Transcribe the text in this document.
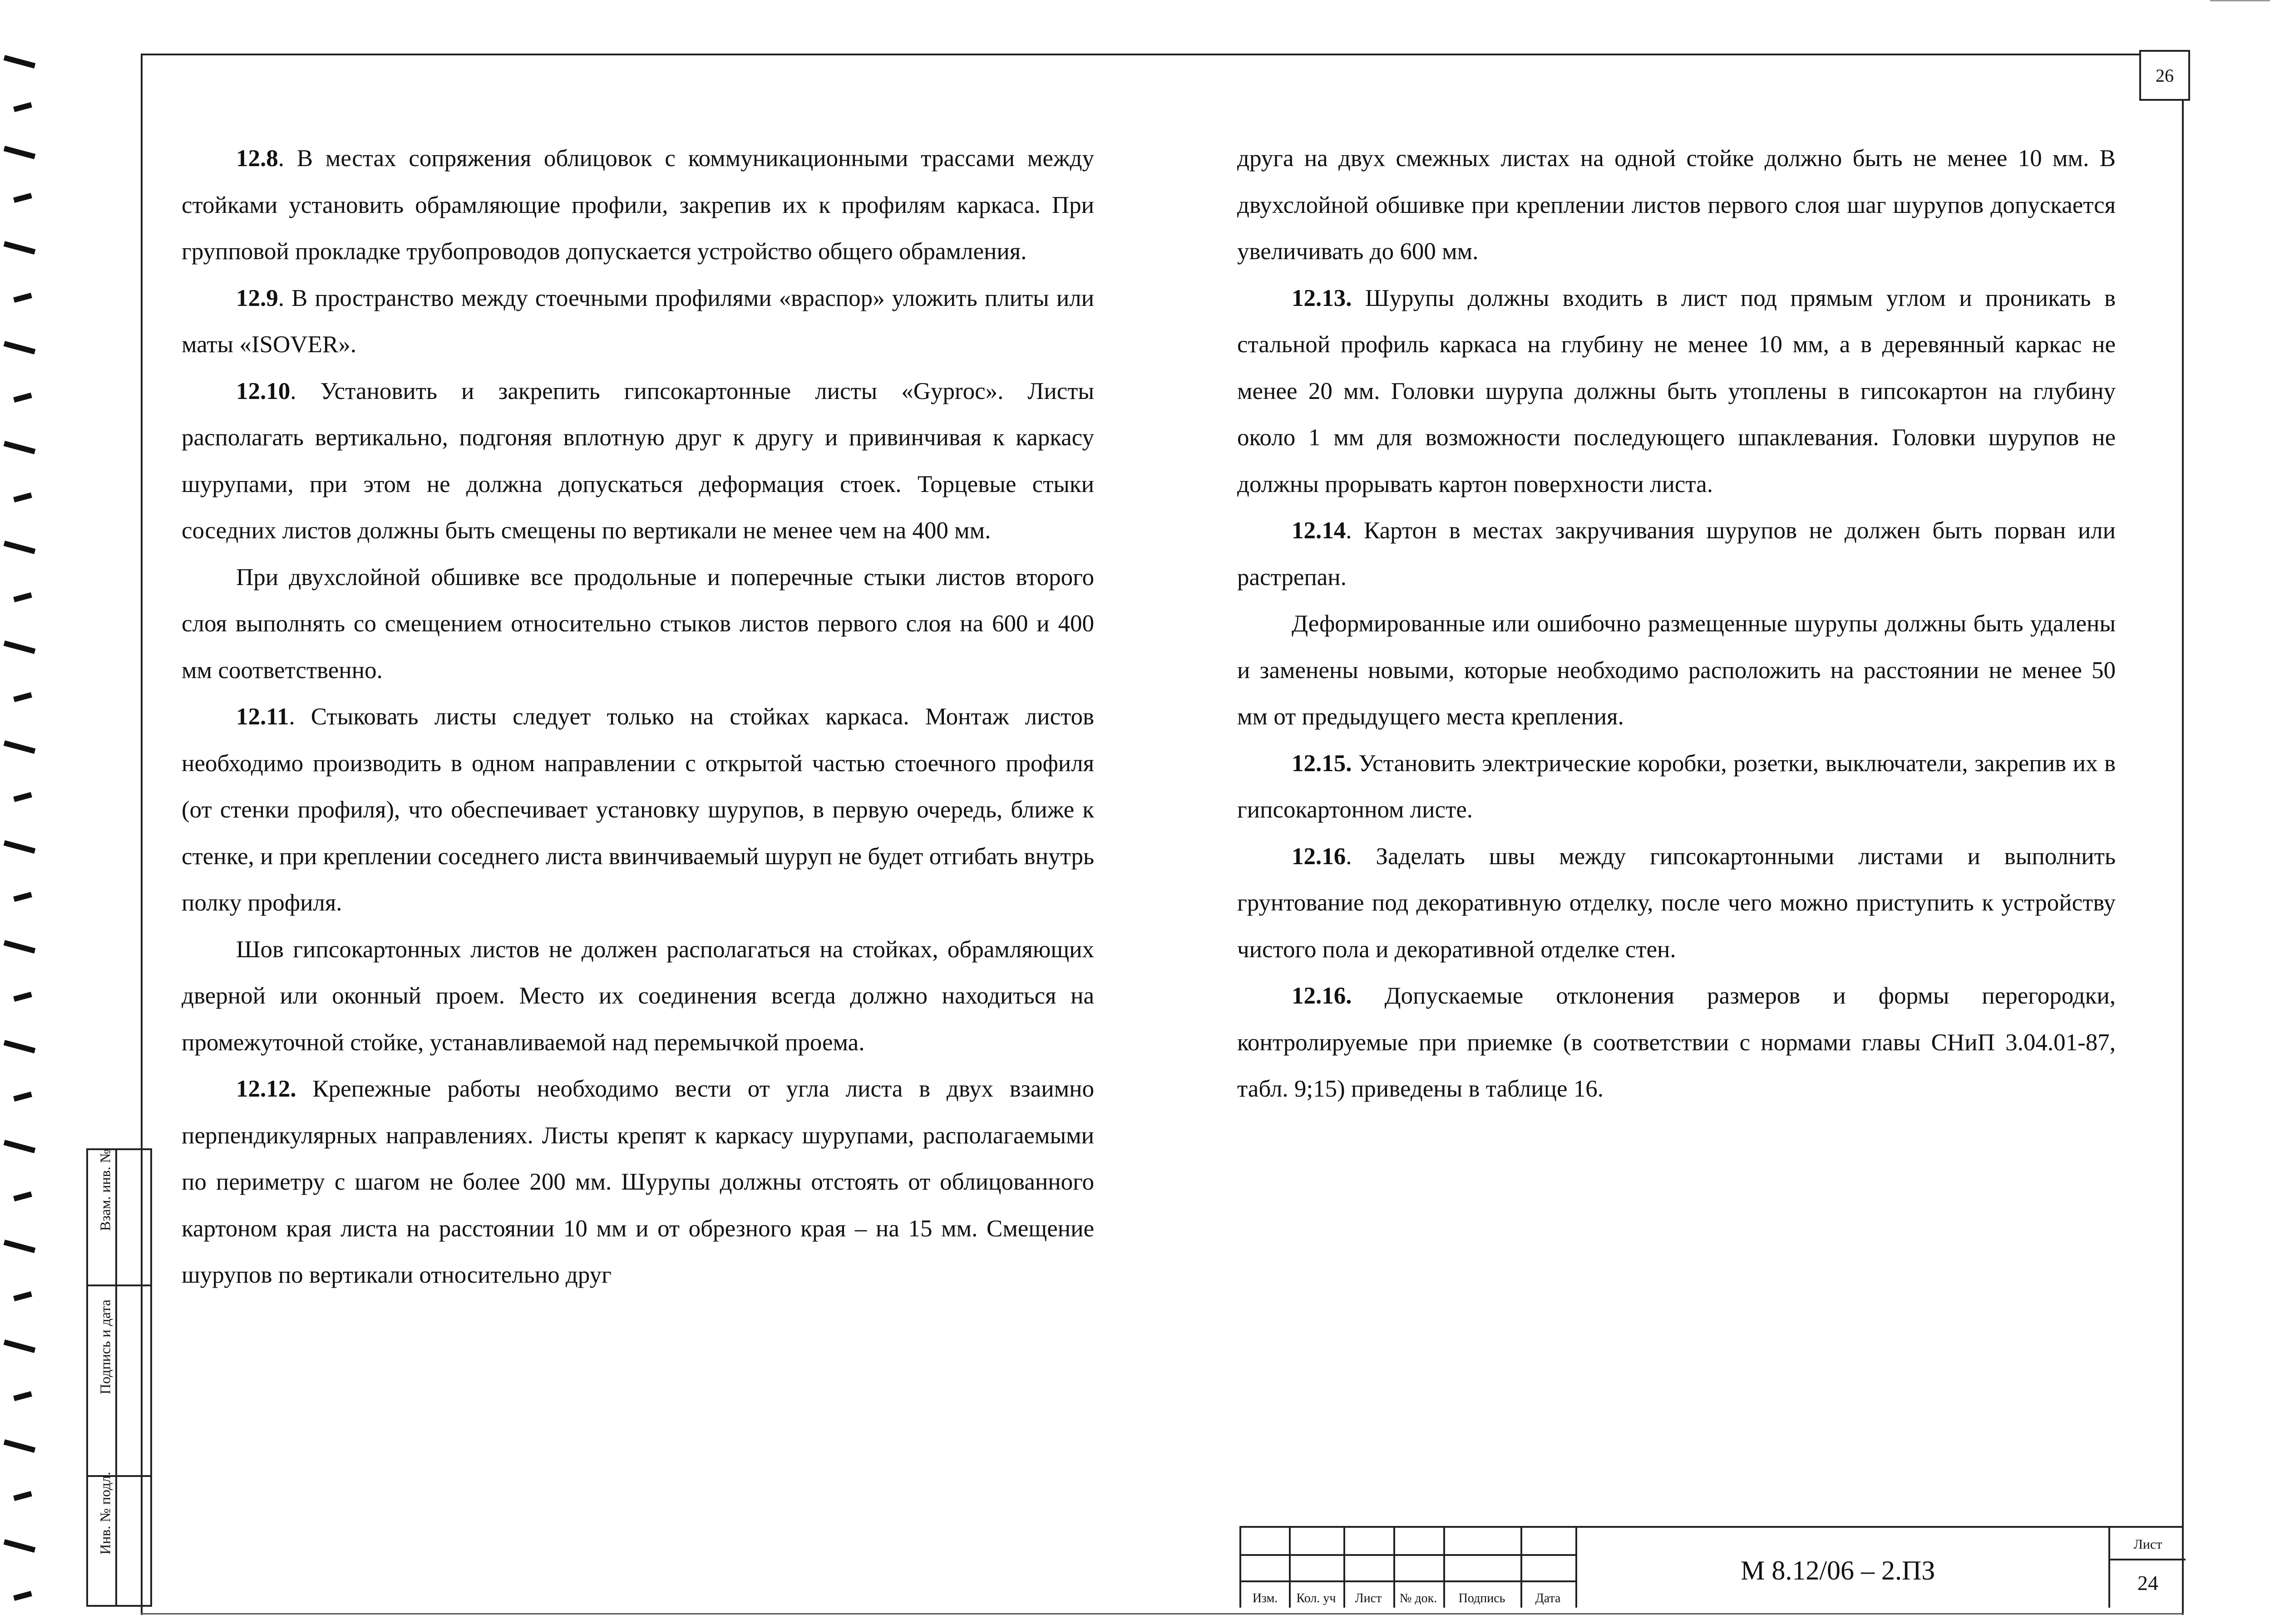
26

12.8. В местах сопряжения облицовок с коммуникационными трассами между стойками установить обрамляющие профили, закрепив их к профилям каркаса. При групповой прокладке трубопроводов допускается устройство общего обрамления.

12.9. В пространство между стоечными профилями «враспор» уложить плиты или маты «ISOVER».

12.10. Установить и закрепить гипсокартонные листы «Gyproc». Листы располагать вертикально, подгоняя вплотную друг к другу и привинчивая к каркасу шурупами, при этом не должна допускаться деформация стоек. Торцевые стыки соседних листов должны быть смещены по вертикали не менее чем на 400 мм.

При двухслойной обшивке все продольные и поперечные стыки листов второго слоя выполнять со смещением относительно стыков листов первого слоя на 600 и 400 мм соответственно.

12.11. Стыковать листы следует только на стойках каркаса. Монтаж листов необходимо производить в одном направлении с открытой частью стоечного профиля (от стенки профиля), что обеспечивает установку шурупов, в первую очередь, ближе к стенке, и при креплении соседнего листа ввинчиваемый шуруп не будет отгибать внутрь полку профиля.

Шов гипсокартонных листов не должен располагаться на стойках, обрамляющих дверной или оконный проем. Место их соединения всегда должно находиться на промежуточной стойке, устанавливаемой над перемычкой проема.

12.12. Крепежные работы необходимо вести от угла листа в двух взаимно перпендикулярных направлениях. Листы крепят к каркасу шурупами, располагаемыми по периметру с шагом не более 200 мм. Шурупы должны отстоять от облицованного картоном края листа на расстоянии 10 мм и от обрезного края – на 15 мм. Смещение шурупов по вертикали относительно друг

друга на двух смежных листах на одной стойке должно быть не менее 10 мм. В двухслойной обшивке при креплении листов первого слоя шаг шурупов допускается увеличивать до 600 мм.

12.13. Шурупы должны входить в лист под прямым углом и проникать в стальной профиль каркаса на глубину не менее 10 мм, а в деревянный каркас не менее 20 мм. Головки шурупа должны быть утоплены в гипсокартон на глубину около 1 мм для возможности последующего шпаклевания. Головки шурупов не должны прорывать картон поверхности листа.

12.14. Картон в местах закручивания шурупов не должен быть порван или растрепан.

Деформированные или ошибочно размещенные шурупы должны быть удалены и заменены новыми, которые необходимо расположить на расстоянии не менее 50 мм от предыдущего места крепления.

12.15. Установить электрические коробки, розетки, выключатели, закрепив их в гипсокартонном листе.

12.16. Заделать швы между гипсокартонными листами и выполнить грунтование под декоративную отделку, после чего можно приступить к устройству чистого пола и декоративной отделке стен.

12.16. Допускаемые отклонения размеров и формы перегородки, контролируемые при приемке (в соответствии с нормами главы СНиП 3.04.01-87, табл. 9;15) приведены в таблице 16.

Взам. инв. №
Подпись и дата
Инв. № подл.
Изм.	Кол. уч	Лист	№ док.	Подпись	Дата
М 8.12/06 – 2.ПЗ
Лист
24
